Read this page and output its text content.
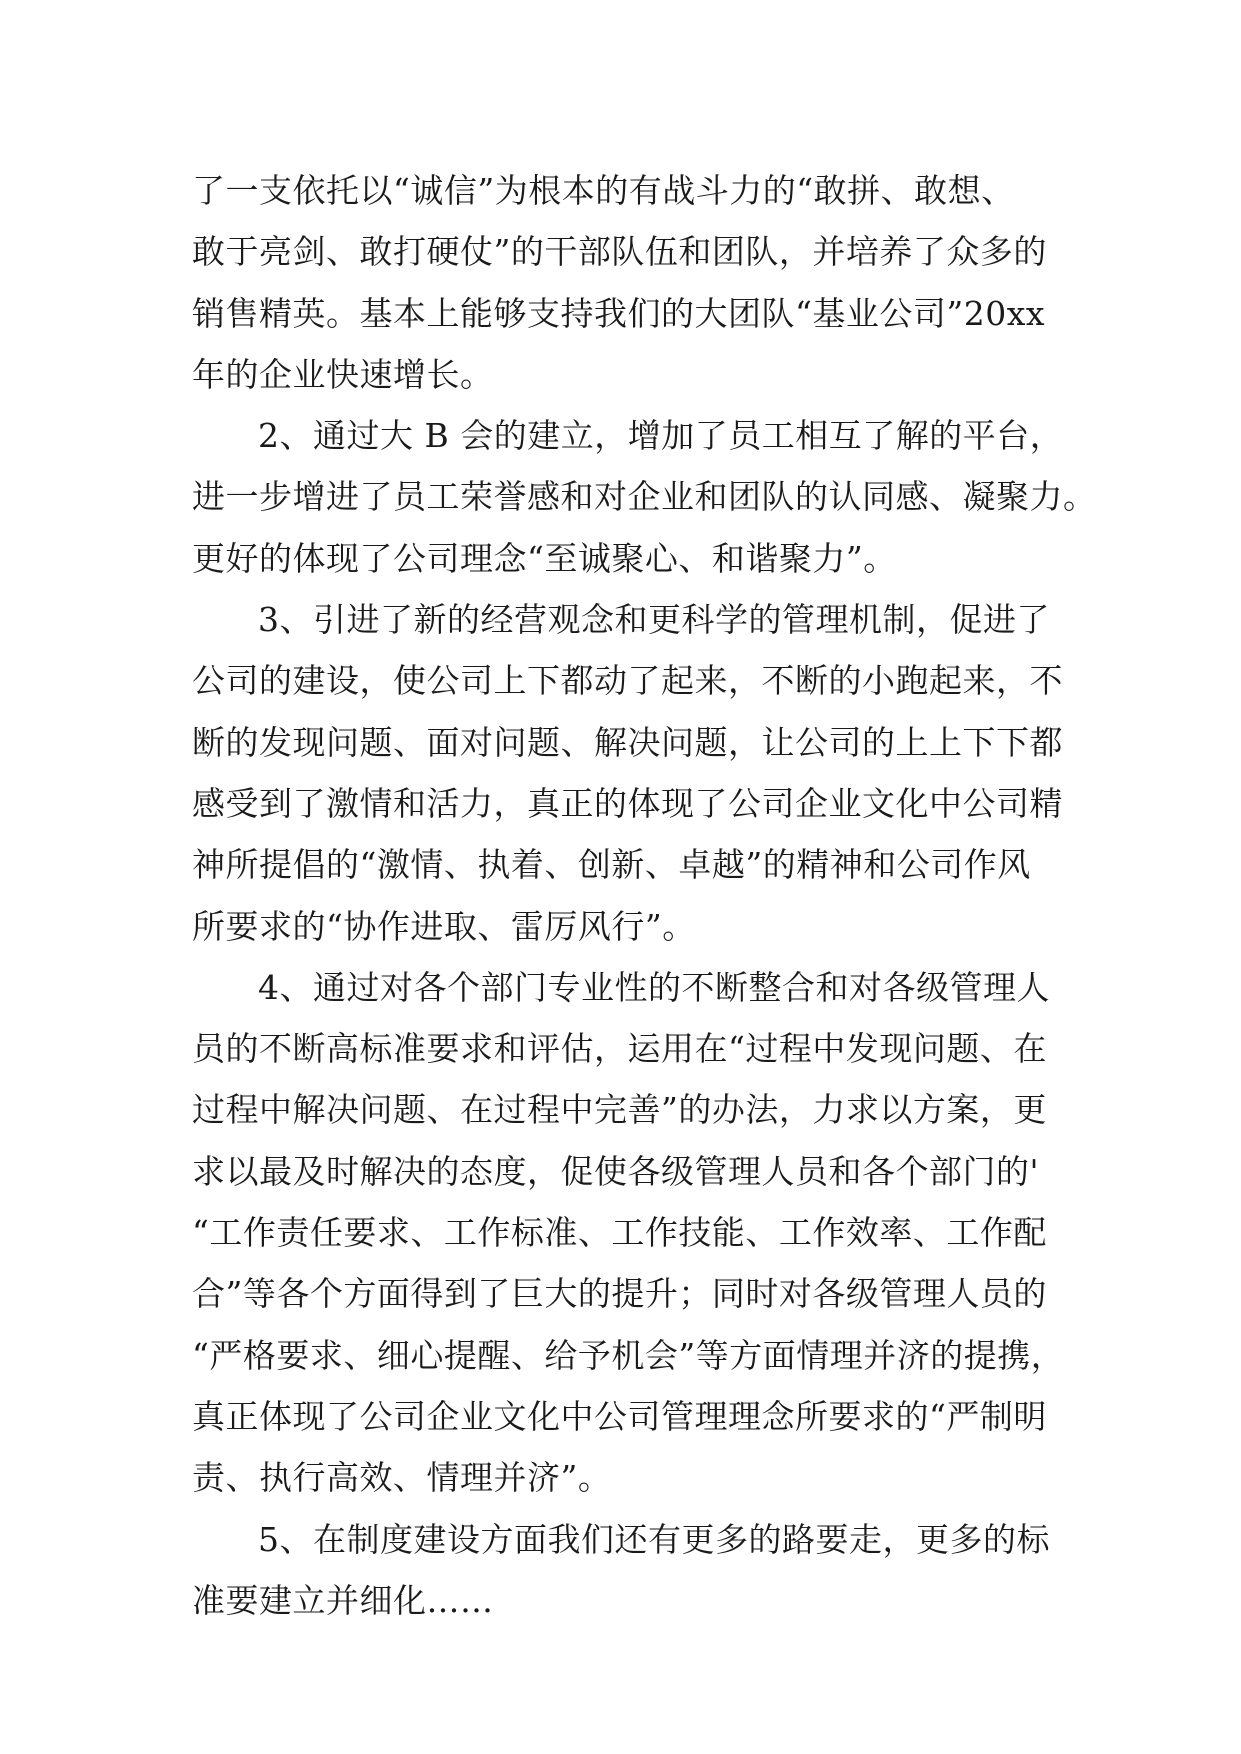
了一支依托以“诚信”为根本的有战斗力的“敢拼、敢想、
敢于亮剑、敢打硬仗”的干部队伍和团队，并培养了众多的
销售精英。基本上能够支持我们的大团队“基业公司”20xx
年的企业快速增长。
2、通过大 B 会的建立，增加了员工相互了解的平台，
进一步增进了员工荣誉感和对企业和团队的认同感、凝聚力。
更好的体现了公司理念“至诚聚心、和谐聚力”。
3、引进了新的经营观念和更科学的管理机制，促进了
公司的建设，使公司上下都动了起来，不断的小跑起来，不
断的发现问题、面对问题、解决问题，让公司的上上下下都
感受到了激情和活力，真正的体现了公司企业文化中公司精
神所提倡的“激情、执着、创新、卓越”的精神和公司作风
所要求的“协作进取、雷厉风行”。
4、通过对各个部门专业性的不断整合和对各级管理人
员的不断高标准要求和评估，运用在“过程中发现问题、在
过程中解决问题、在过程中完善”的办法，力求以方案，更
求以最及时解决的态度，促使各级管理人员和各个部门的'
“工作责任要求、工作标准、工作技能、工作效率、工作配
合”等各个方面得到了巨大的提升；同时对各级管理人员的
“严格要求、细心提醒、给予机会”等方面情理并济的提携，
真正体现了公司企业文化中公司管理理念所要求的“严制明
责、执行高效、情理并济”。
5、在制度建设方面我们还有更多的路要走，更多的标
准要建立并细化……
